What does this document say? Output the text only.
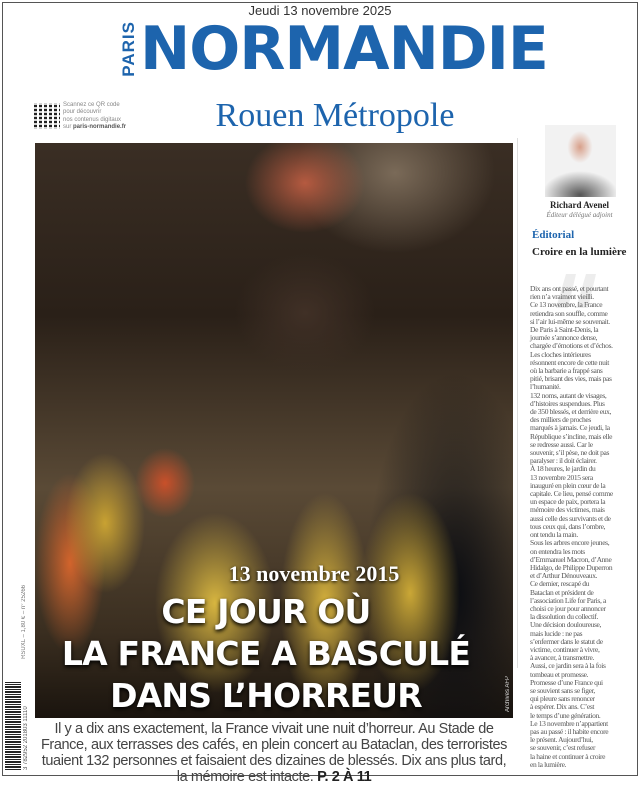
Jeudi 13 novembre 2025
PARIS NORMANDIE
Scannez ce QR code
pour découvrir
nos contenus digitaux
sur paris-normandie.fr	Rouen Métropole
13 novembre 2015
CE JOUR OÙ
LA FRANCE A BASCULÉ
DANS L’HORREUR	Archives AFP
Il y a dix ans exactement, la France vivait une nuit d’horreur. Au Stade de France, aux terrasses des cafés, en plein concert au Bataclan, des terroristes tuaient 132 personnes et faisaient des dizaines de blessés. Dix ans plus tard, la mémoire est intacte. P. 2 À 11
RSUXL – 1,80 € – n° 25266
3 782952 201803 11110
Richard Avenel
Éditeur délégué adjoint
Éditorial
Croire en la lumière
Dix ans ont passé, et pourtant
rien n’a vraiment vieilli.
Ce 13 novembre, la France
retiendra son souffle, comme
si l’air lui-même se souvenait.
De Paris à Saint-Denis, la
journée s’annonce dense,
chargée d’émotions et d’échos.
Les cloches intérieures
résonnent encore de cette nuit
où la barbarie a frappé sans
pitié, brisant des vies, mais pas
l’humanité.
132 noms, autant de visages,
d’histoires suspendues. Plus
de 350 blessés, et derrière eux,
des milliers de proches
marqués à jamais. Ce jeudi, la
République s’incline, mais elle
se redresse aussi. Car le
souvenir, s’il pèse, ne doit pas
paralyser : il doit éclairer.
À 18 heures, le jardin du
13 novembre 2015 sera
inauguré en plein cœur de la
capitale. Ce lieu, pensé comme
un espace de paix, portera la
mémoire des victimes, mais
aussi celle des survivants et de
tous ceux qui, dans l’ombre,
ont tendu la main.
Sous les arbres encore jeunes,
on entendra les mots
d’Emmanuel Macron, d’Anne
Hidalgo, de Philippe Duperron
et d’Arthur Dénouveaux.
Ce dernier, rescapé du
Bataclan et président de
l’association Life for Paris, a
choisi ce jour pour annoncer
la dissolution du collectif.
Une décision douloureuse,
mais lucide : ne pas
s’enfermer dans le statut de
victime, continuer à vivre,
à avancer, à transmettre.
Aussi, ce jardin sera à la fois
tombeau et promesse.
Promesse d’une France qui
se souvient sans se figer,
qui pleure sans renoncer
à espérer. Dix ans. C’est
le temps d’une génération.
Le 13 novembre n’appartient
pas au passé : il habite encore
le présent. Aujourd’hui,
se souvenir, c’est refuser
la haine et continuer à croire
en la lumière.
